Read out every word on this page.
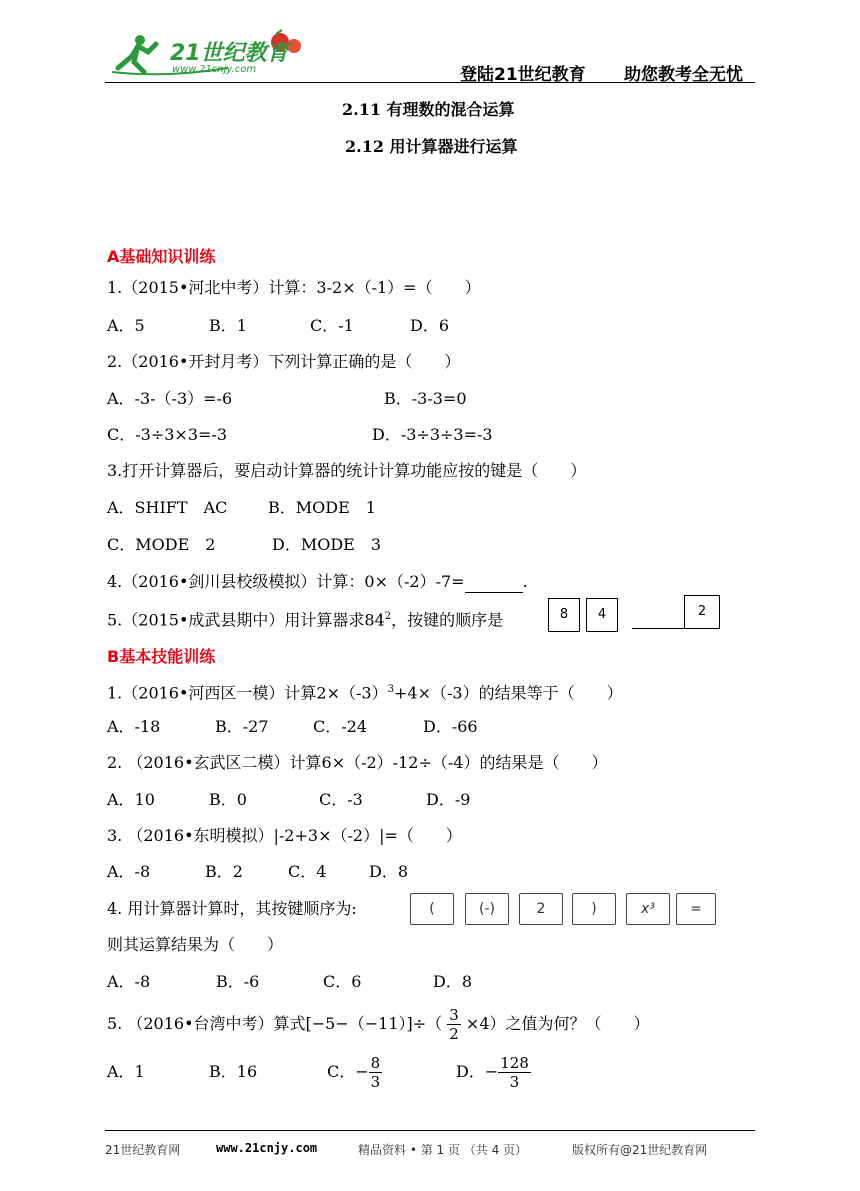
21世纪教育
www.21cnjy.com	登陆21世纪教育 助您教考全无忧
2.11 有理数的混合运算
2.12 用计算器进行运算
A基础知识训练
1.（2015•河北中考）计算：3-2×（-1）=（　　）
A．5	B．1	C．-1	D．6
2.（2016•开封月考）下列计算正确的是（　　）
A．-3-（-3）=-6	B．-3-3=0
C．-3÷3×3=-3	D．-3÷3÷3=-3
3.打开计算器后，要启动计算器的统计计算功能应按的键是（　　）
A．SHIFT　AC	B．MODE　1
C．MODE　2	D．MODE　3
4.（2016•剑川县校级模拟）计算：0×（-2）-7=	.
5.（2015•成武县期中）用计算器求$84^2$，按键的顺序是	8	4	2
B基本技能训练
1.（2016•河西区一模）计算$2\times(-3)^3+4\times(-3)$的结果等于（　　）
A．-18	B．-27	C．-24	D．-66
2. （2016•玄武区二模）计算6×（-2）-12÷（-4）的结果是（　　）
A．10	B．0	C．-3	D．-9
3. （2016•东明模拟）|-2+3×（-2）|=（　　）
A．-8	B．2	C．4	D．8
4. 用计算器计算时，其按键顺序为:	(	(-)	2	)	x³	=
则其运算结果为（　　）
A．-8	B．-6	C．6	D．8
5. （2016•台湾中考）算式$[-5-(-11)]\div( \frac{3}{2} \times 4)$之值为何？（　　）
A．1	B．16	C．− $\frac{8}{3}$	D．− $\frac{128}{3}$
21世纪教育网	www.21cnjy.com	精品资料 • 第 1 页 （共 4 页）	版权所有@21世纪教育网
